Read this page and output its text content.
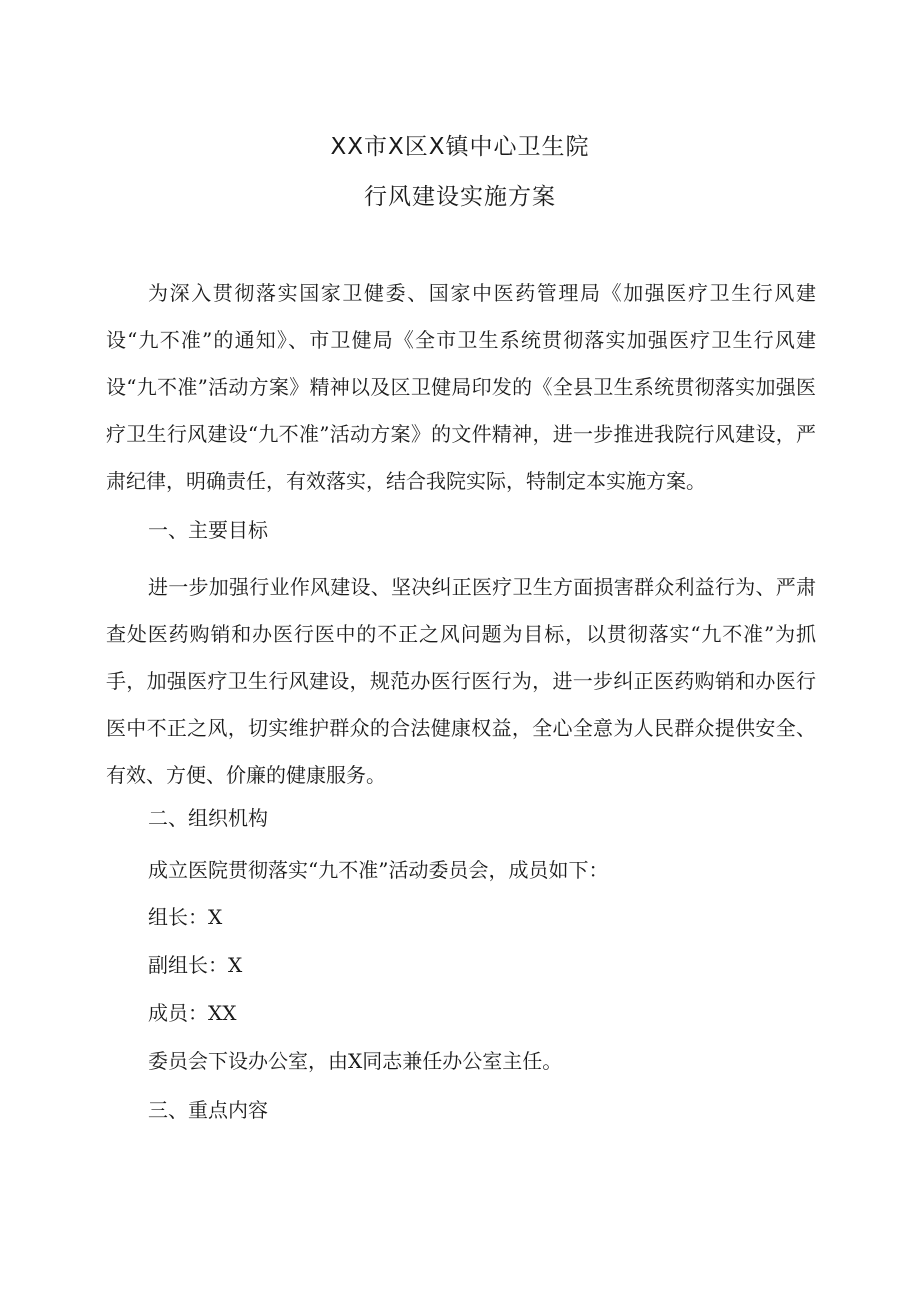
XX市X区X镇中心卫生院
行风建设实施方案

为深入贯彻落实国家卫健委、国家中医药管理局《加强医疗卫生行风建设“九不准”的通知》、市卫健局《全市卫生系统贯彻落实加强医疗卫生行风建设“九不准”活动方案》精神以及区卫健局印发的《全县卫生系统贯彻落实加强医疗卫生行风建设“九不准”活动方案》的文件精神，进一步推进我院行风建设，严肃纪律，明确责任，有效落实，结合我院实际，特制定本实施方案。

一、主要目标

进一步加强行业作风建设、坚决纠正医疗卫生方面损害群众利益行为、严肃查处医药购销和办医行医中的不正之风问题为目标，以贯彻落实“九不准”为抓手，加强医疗卫生行风建设，规范办医行医行为，进一步纠正医药购销和办医行医中不正之风，切实维护群众的合法健康权益，全心全意为人民群众提供安全、有效、方便、价廉的健康服务。

二、组织机构

成立医院贯彻落实“九不准”活动委员会，成员如下：

组长：X

副组长：X

成员：XX

委员会下设办公室，由X同志兼任办公室主任。

三、重点内容
